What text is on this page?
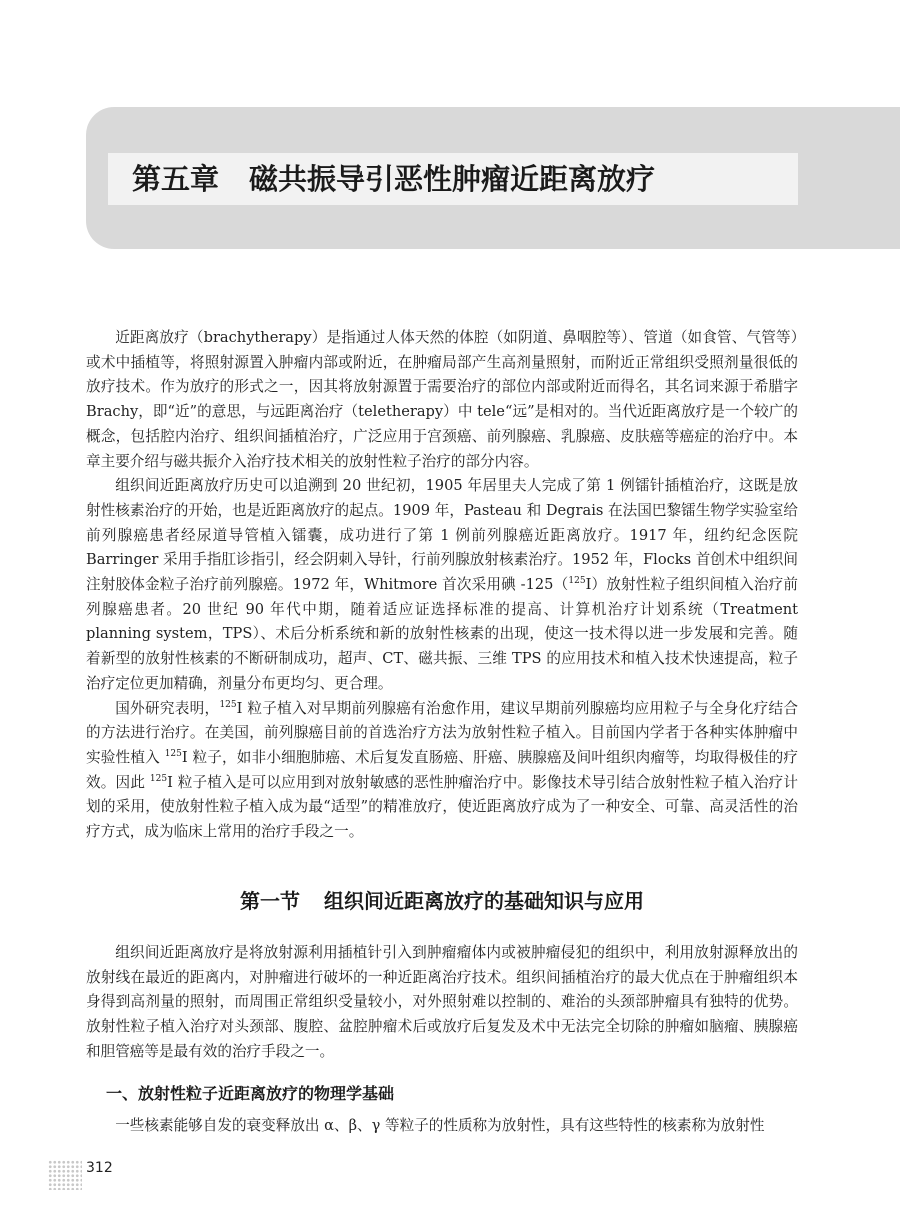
第五章 磁共振导引恶性肿瘤近距离放疗

近距离放疗（brachytherapy）是指通过人体天然的体腔（如阴道、鼻咽腔等）、管道（如食管、气管等）或术中插植等，将照射源置入肿瘤内部或附近，在肿瘤局部产生高剂量照射，而附近正常组织受照剂量很低的放疗技术。作为放疗的形式之一，因其将放射源置于需要治疗的部位内部或附近而得名，其名词来源于希腊字 Brachy，即“近”的意思，与远距离治疗（teletherapy）中 tele“远”是相对的。当代近距离放疗是一个较广的概念，包括腔内治疗、组织间插植治疗，广泛应用于宫颈癌、前列腺癌、乳腺癌、皮肤癌等癌症的治疗中。本章主要介绍与磁共振介入治疗技术相关的放射性粒子治疗的部分内容。

组织间近距离放疗历史可以追溯到 20 世纪初，1905 年居里夫人完成了第 1 例镭针插植治疗，这既是放射性核素治疗的开始，也是近距离放疗的起点。1909 年，Pasteau 和 Degrais 在法国巴黎镭生物学实验室给前列腺癌患者经尿道导管植入镭囊，成功进行了第 1 例前列腺癌近距离放疗。1917 年，纽约纪念医院 Barringer 采用手指肛诊指引，经会阴刺入导针，行前列腺放射核素治疗。1952 年，Flocks 首创术中组织间注射胶体金粒子治疗前列腺癌。1972 年，Whitmore 首次采用碘 -125（$^{125}$I）放射性粒子组织间植入治疗前列腺癌患者。20 世纪 90 年代中期，随着适应证选择标准的提高、计算机治疗计划系统（Treatment planning system，TPS）、术后分析系统和新的放射性核素的出现，使这一技术得以进一步发展和完善。随着新型的放射性核素的不断研制成功，超声、CT、磁共振、三维 TPS 的应用技术和植入技术快速提高，粒子治疗定位更加精确，剂量分布更均匀、更合理。

国外研究表明，$^{125}$I 粒子植入对早期前列腺癌有治愈作用，建议早期前列腺癌均应用粒子与全身化疗结合的方法进行治疗。在美国，前列腺癌目前的首选治疗方法为放射性粒子植入。目前国内学者于各种实体肿瘤中实验性植入 $^{125}$I 粒子，如非小细胞肺癌、术后复发直肠癌、肝癌、胰腺癌及间叶组织肉瘤等，均取得极佳的疗效。因此 $^{125}$I 粒子植入是可以应用到对放射敏感的恶性肿瘤治疗中。影像技术导引结合放射性粒子植入治疗计划的采用，使放射性粒子植入成为最“适型”的精准放疗，使近距离放疗成为了一种安全、可靠、高灵活性的治疗方式，成为临床上常用的治疗手段之一。

第一节 组织间近距离放疗的基础知识与应用

组织间近距离放疗是将放射源利用插植针引入到肿瘤瘤体内或被肿瘤侵犯的组织中，利用放射源释放出的放射线在最近的距离内，对肿瘤进行破坏的一种近距离治疗技术。组织间插植治疗的最大优点在于肿瘤组织本身得到高剂量的照射，而周围正常组织受量较小，对外照射难以控制的、难治的头颈部肿瘤具有独特的优势。放射性粒子植入治疗对头颈部、腹腔、盆腔肿瘤术后或放疗后复发及术中无法完全切除的肿瘤如脑瘤、胰腺癌和胆管癌等是最有效的治疗手段之一。

一、放射性粒子近距离放疗的物理学基础

一些核素能够自发的衰变释放出 α、β、γ 等粒子的性质称为放射性，具有这些特性的核素称为放射性

312
